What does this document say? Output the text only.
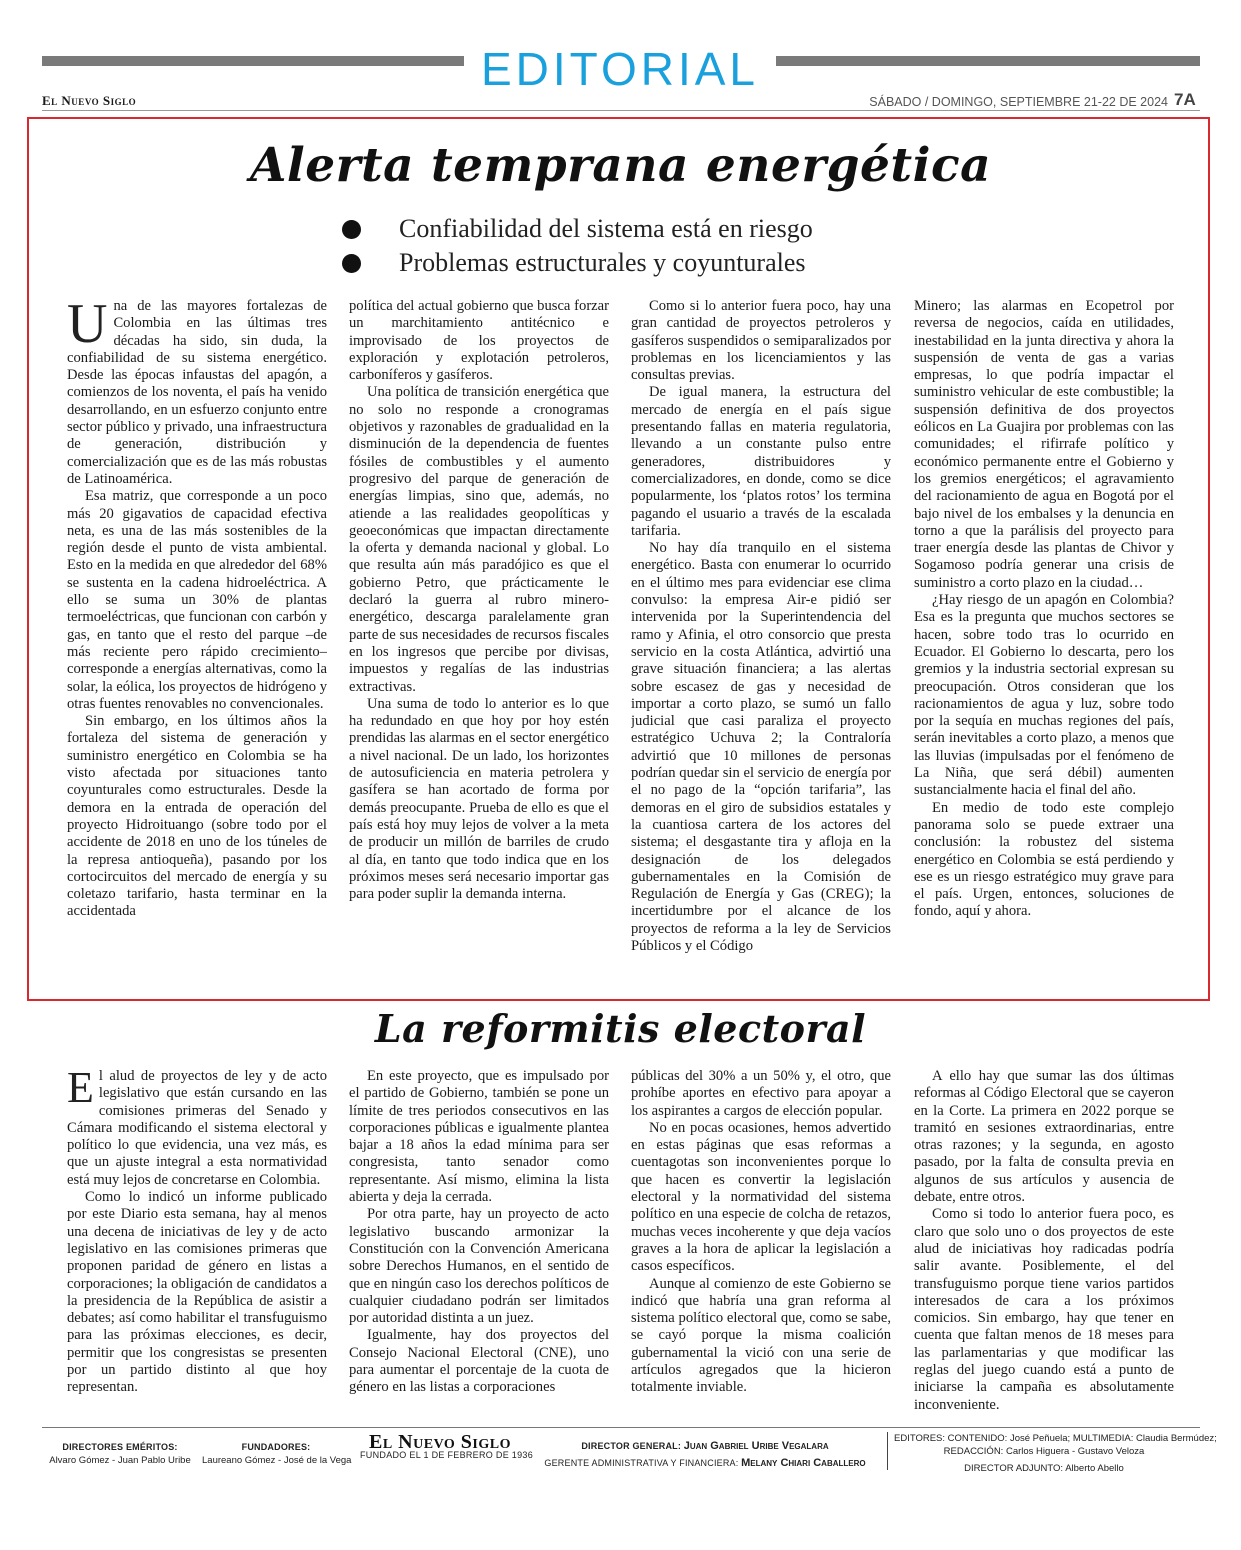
EDITORIAL
El Nuevo Siglo	SÁBADO / DOMINGO, SEPTIEMBRE 21-22 DE 2024 7A
Alerta temprana energética
Confiabilidad del sistema está en riesgo
Problemas estructurales y coyunturales

Una de las mayores fortalezas de Colombia en las últimas tres décadas ha sido, sin duda, la confiabilidad de su sistema energético. Desde las épocas infaustas del apagón, a comienzos de los noventa, el país ha venido desarrollando, en un esfuerzo conjunto entre sector público y privado, una infraestructura de generación, distribución y comercialización que es de las más robustas de Latinoamérica.

Esa matriz, que corresponde a un poco más 20 gigavatios de capacidad efectiva neta, es una de las más sostenibles de la región desde el punto de vista ambiental. Esto en la medida en que alrededor del 68% se sustenta en la cadena hidroeléctrica. A ello se suma un 30% de plantas termoeléctricas, que funcionan con carbón y gas, en tanto que el resto del parque –de más reciente pero rápido crecimiento– corresponde a energías alternativas, como la solar, la eólica, los proyectos de hidrógeno y otras fuentes renovables no convencionales.

Sin embargo, en los últimos años la fortaleza del sistema de generación y suministro energético en Colombia se ha visto afectada por situaciones tanto coyunturales como estructurales. Desde la demora en la entrada de operación del proyecto Hidroituango (sobre todo por el accidente de 2018 en uno de los túneles de la represa antioqueña), pasando por los cortocircuitos del mercado de energía y su coletazo tarifario, hasta terminar en la accidentada

política del actual gobierno que busca forzar un marchitamiento antitécnico e improvisado de los proyectos de exploración y explotación petroleros, carboníferos y gasíferos.

Una política de transición energética que no solo no responde a cronogramas objetivos y razonables de gradualidad en la disminución de la dependencia de fuentes fósiles de combustibles y el aumento progresivo del parque de generación de energías limpias, sino que, además, no atiende a las realidades geopolíticas y geoeconómicas que impactan directamente la oferta y demanda nacional y global. Lo que resulta aún más paradójico es que el gobierno Petro, que prácticamente le declaró la guerra al rubro minero-energético, descarga paralelamente gran parte de sus necesidades de recursos fiscales en los ingresos que percibe por divisas, impuestos y regalías de las industrias extractivas.

Una suma de todo lo anterior es lo que ha redundado en que hoy por hoy estén prendidas las alarmas en el sector energético a nivel nacional. De un lado, los horizontes de autosuficiencia en materia petrolera y gasífera se han acortado de forma por demás preocupante. Prueba de ello es que el país está hoy muy lejos de volver a la meta de producir un millón de barriles de crudo al día, en tanto que todo indica que en los próximos meses será necesario importar gas para poder suplir la demanda interna.

Como si lo anterior fuera poco, hay una gran cantidad de proyectos petroleros y gasíferos suspendidos o semiparalizados por problemas en los licenciamientos y las consultas previas.

De igual manera, la estructura del mercado de energía en el país sigue presentando fallas en materia regulatoria, llevando a un constante pulso entre generadores, distribuidores y comercializadores, en donde, como se dice popularmente, los ‘platos rotos’ los termina pagando el usuario a través de la escalada tarifaria.

No hay día tranquilo en el sistema energético. Basta con enumerar lo ocurrido en el último mes para evidenciar ese clima convulso: la empresa Air-e pidió ser intervenida por la Superintendencia del ramo y Afinia, el otro consorcio que presta servicio en la costa Atlántica, advirtió una grave situación financiera; a las alertas sobre escasez de gas y necesidad de importar a corto plazo, se sumó un fallo judicial que casi paraliza el proyecto estratégico Uchuva 2; la Contraloría advirtió que 10 millones de personas podrían quedar sin el servicio de energía por el no pago de la “opción tarifaria”, las demoras en el giro de subsidios estatales y la cuantiosa cartera de los actores del sistema; el desgastante tira y afloja en la designación de los delegados gubernamentales en la Comisión de Regulación de Energía y Gas (CREG); la incertidumbre por el alcance de los proyectos de reforma a la ley de Servicios Públicos y el Código

Minero; las alarmas en Ecopetrol por reversa de negocios, caída en utilidades, inestabilidad en la junta directiva y ahora la suspensión de venta de gas a varias empresas, lo que podría impactar el suministro vehicular de este combustible; la suspensión definitiva de dos proyectos eólicos en La Guajira por problemas con las comunidades; el rifirrafe político y económico permanente entre el Gobierno y los gremios energéticos; el agravamiento del racionamiento de agua en Bogotá por el bajo nivel de los embalses y la denuncia en torno a que la parálisis del proyecto para traer energía desde las plantas de Chivor y Sogamoso podría generar una crisis de suministro a corto plazo en la ciudad…

¿Hay riesgo de un apagón en Colombia? Esa es la pregunta que muchos sectores se hacen, sobre todo tras lo ocurrido en Ecuador. El Gobierno lo descarta, pero los gremios y la industria sectorial expresan su preocupación. Otros consideran que los racionamientos de agua y luz, sobre todo por la sequía en muchas regiones del país, serán inevitables a corto plazo, a menos que las lluvias (impulsadas por el fenómeno de La Niña, que será débil) aumenten sustancialmente hacia el final del año.

En medio de todo este complejo panorama solo se puede extraer una conclusión: la robustez del sistema energético en Colombia se está perdiendo y ese es un riesgo estratégico muy grave para el país. Urgen, entonces, soluciones de fondo, aquí y ahora.

La reformitis electoral

El alud de proyectos de ley y de acto legislativo que están cursando en las comisiones primeras del Senado y Cámara modificando el sistema electoral y político lo que evidencia, una vez más, es que un ajuste integral a esta normatividad está muy lejos de concretarse en Colombia.

Como lo indicó un informe publicado por este Diario esta semana, hay al menos una decena de iniciativas de ley y de acto legislativo en las comisiones primeras que proponen paridad de género en listas a corporaciones; la obligación de candidatos a la presidencia de la República de asistir a debates; así como habilitar el transfuguismo para las próximas elecciones, es decir, permitir que los congresistas se presenten por un partido distinto al que hoy representan.

En este proyecto, que es impulsado por el partido de Gobierno, también se pone un límite de tres periodos consecutivos en las corporaciones públicas e igualmente plantea bajar a 18 años la edad mínima para ser congresista, tanto senador como representante. Así mismo, elimina la lista abierta y deja la cerrada.

Por otra parte, hay un proyecto de acto legislativo buscando armonizar la Constitución con la Convención Americana sobre Derechos Humanos, en el sentido de que en ningún caso los derechos políticos de cualquier ciudadano podrán ser limitados por autoridad distinta a un juez.

Igualmente, hay dos proyectos del Consejo Nacional Electoral (CNE), uno para aumentar el porcentaje de la cuota de género en las listas a corporaciones

públicas del 30% a un 50% y, el otro, que prohíbe aportes en efectivo para apoyar a los aspirantes a cargos de elección popular.

No en pocas ocasiones, hemos advertido en estas páginas que esas reformas a cuentagotas son inconvenientes porque lo que hacen es convertir la legislación electoral y la normatividad del sistema político en una especie de colcha de retazos, muchas veces incoherente y que deja vacíos graves a la hora de aplicar la legislación a casos específicos.

Aunque al comienzo de este Gobierno se indicó que habría una gran reforma al sistema político electoral que, como se sabe, se cayó porque la misma coalición gubernamental la vició con una serie de artículos agregados que la hicieron totalmente inviable.

A ello hay que sumar las dos últimas reformas al Código Electoral que se cayeron en la Corte. La primera en 2022 porque se tramitó en sesiones extraordinarias, entre otras razones; y la segunda, en agosto pasado, por la falta de consulta previa en algunos de sus artículos y ausencia de debate, entre otros.

Como si todo lo anterior fuera poco, es claro que solo uno o dos proyectos de este alud de iniciativas hoy radicadas podría salir avante. Posiblemente, el del transfuguismo porque tiene varios partidos interesados de cara a los próximos comicios. Sin embargo, hay que tener en cuenta que faltan menos de 18 meses para las parlamentarias y que modificar las reglas del juego cuando está a punto de iniciarse la campaña es absolutamente inconveniente.

DIRECTORES EMÉRITOS:
Alvaro Gómez - Juan Pablo Uribe
FUNDADORES:
Laureano Gómez - José de la Vega
El Nuevo Siglo
FUNDADO EL 1 DE FEBRERO DE 1936
DIRECTOR GENERAL: Juan Gabriel Uribe Vegalara
GERENTE ADMINISTRATIVA Y FINANCIERA: Melany Chiari Caballero
EDITORES: CONTENIDO: José Peñuela; MULTIMEDIA: Claudia Bermúdez;
REDACCIÓN: Carlos Higuera - Gustavo Veloza
DIRECTOR ADJUNTO: Alberto Abello
